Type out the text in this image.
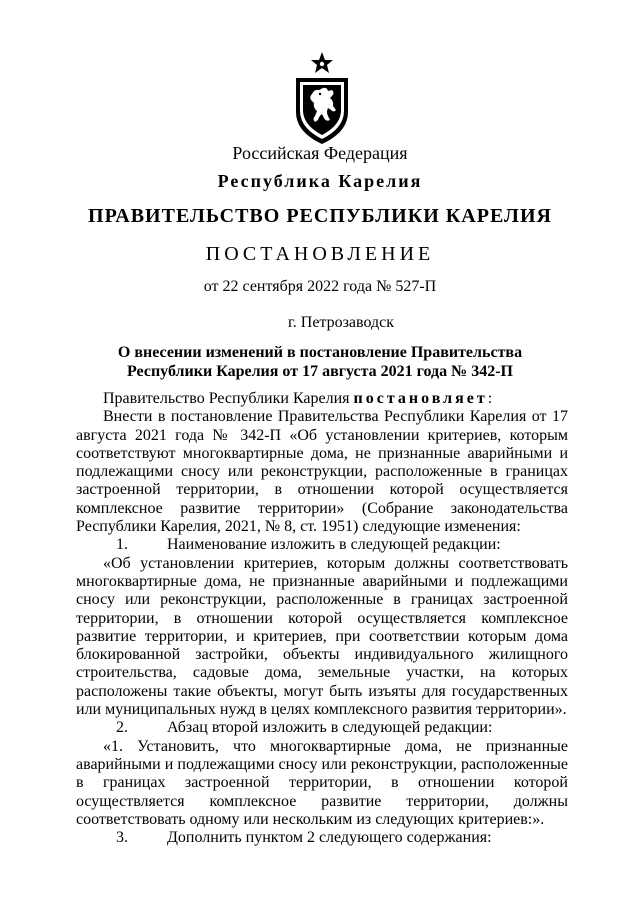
Российская Федерация
Республика Карелия
ПРАВИТЕЛЬСТВО РЕСПУБЛИКИ КАРЕЛИЯ
ПОСТАНОВЛЕНИЕ
от 22 сентября 2022 года № 527-П
г. Петрозаводск
О внесении изменений в постановление Правительства
Республики Карелия от 17 августа 2021 года № 342-П

Правительство Республики Карелия постановляет:

Внести в постановление Правительства Республики Карелия от 17 августа 2021 года № 342-П «Об установлении критериев, которым соответствуют многоквартирные дома, не признанные аварийными и подлежащими сносу или реконструкции, расположенные в границах застроенной территории, в отношении которой осуществляется комплексное развитие территории» (Собрание законодательства Республики Карелия, 2021, № 8, ст. 1951) следующие изменения:

1. Наименование изложить в следующей редакции:

«Об установлении критериев, которым должны соответствовать многоквартирные дома, не признанные аварийными и подлежащими сносу или реконструкции, расположенные в границах застроенной территории, в отношении которой осуществляется комплексное развитие территории, и критериев, при соответствии которым дома блокированной застройки, объекты индивидуального жилищного строительства, садовые дома, земельные участки, на которых расположены такие объекты, могут быть изъяты для государственных или муниципальных нужд в целях комплексного развития территории».

2. Абзац второй изложить в следующей редакции:

«1. Установить, что многоквартирные дома, не признанные аварийными и подлежащими сносу или реконструкции, расположенные в границах застроенной территории, в отношении которой осуществляется комплексное развитие территории, должны соответствовать одному или нескольким из следующих критериев:».

3. Дополнить пунктом 2 следующего содержания:
